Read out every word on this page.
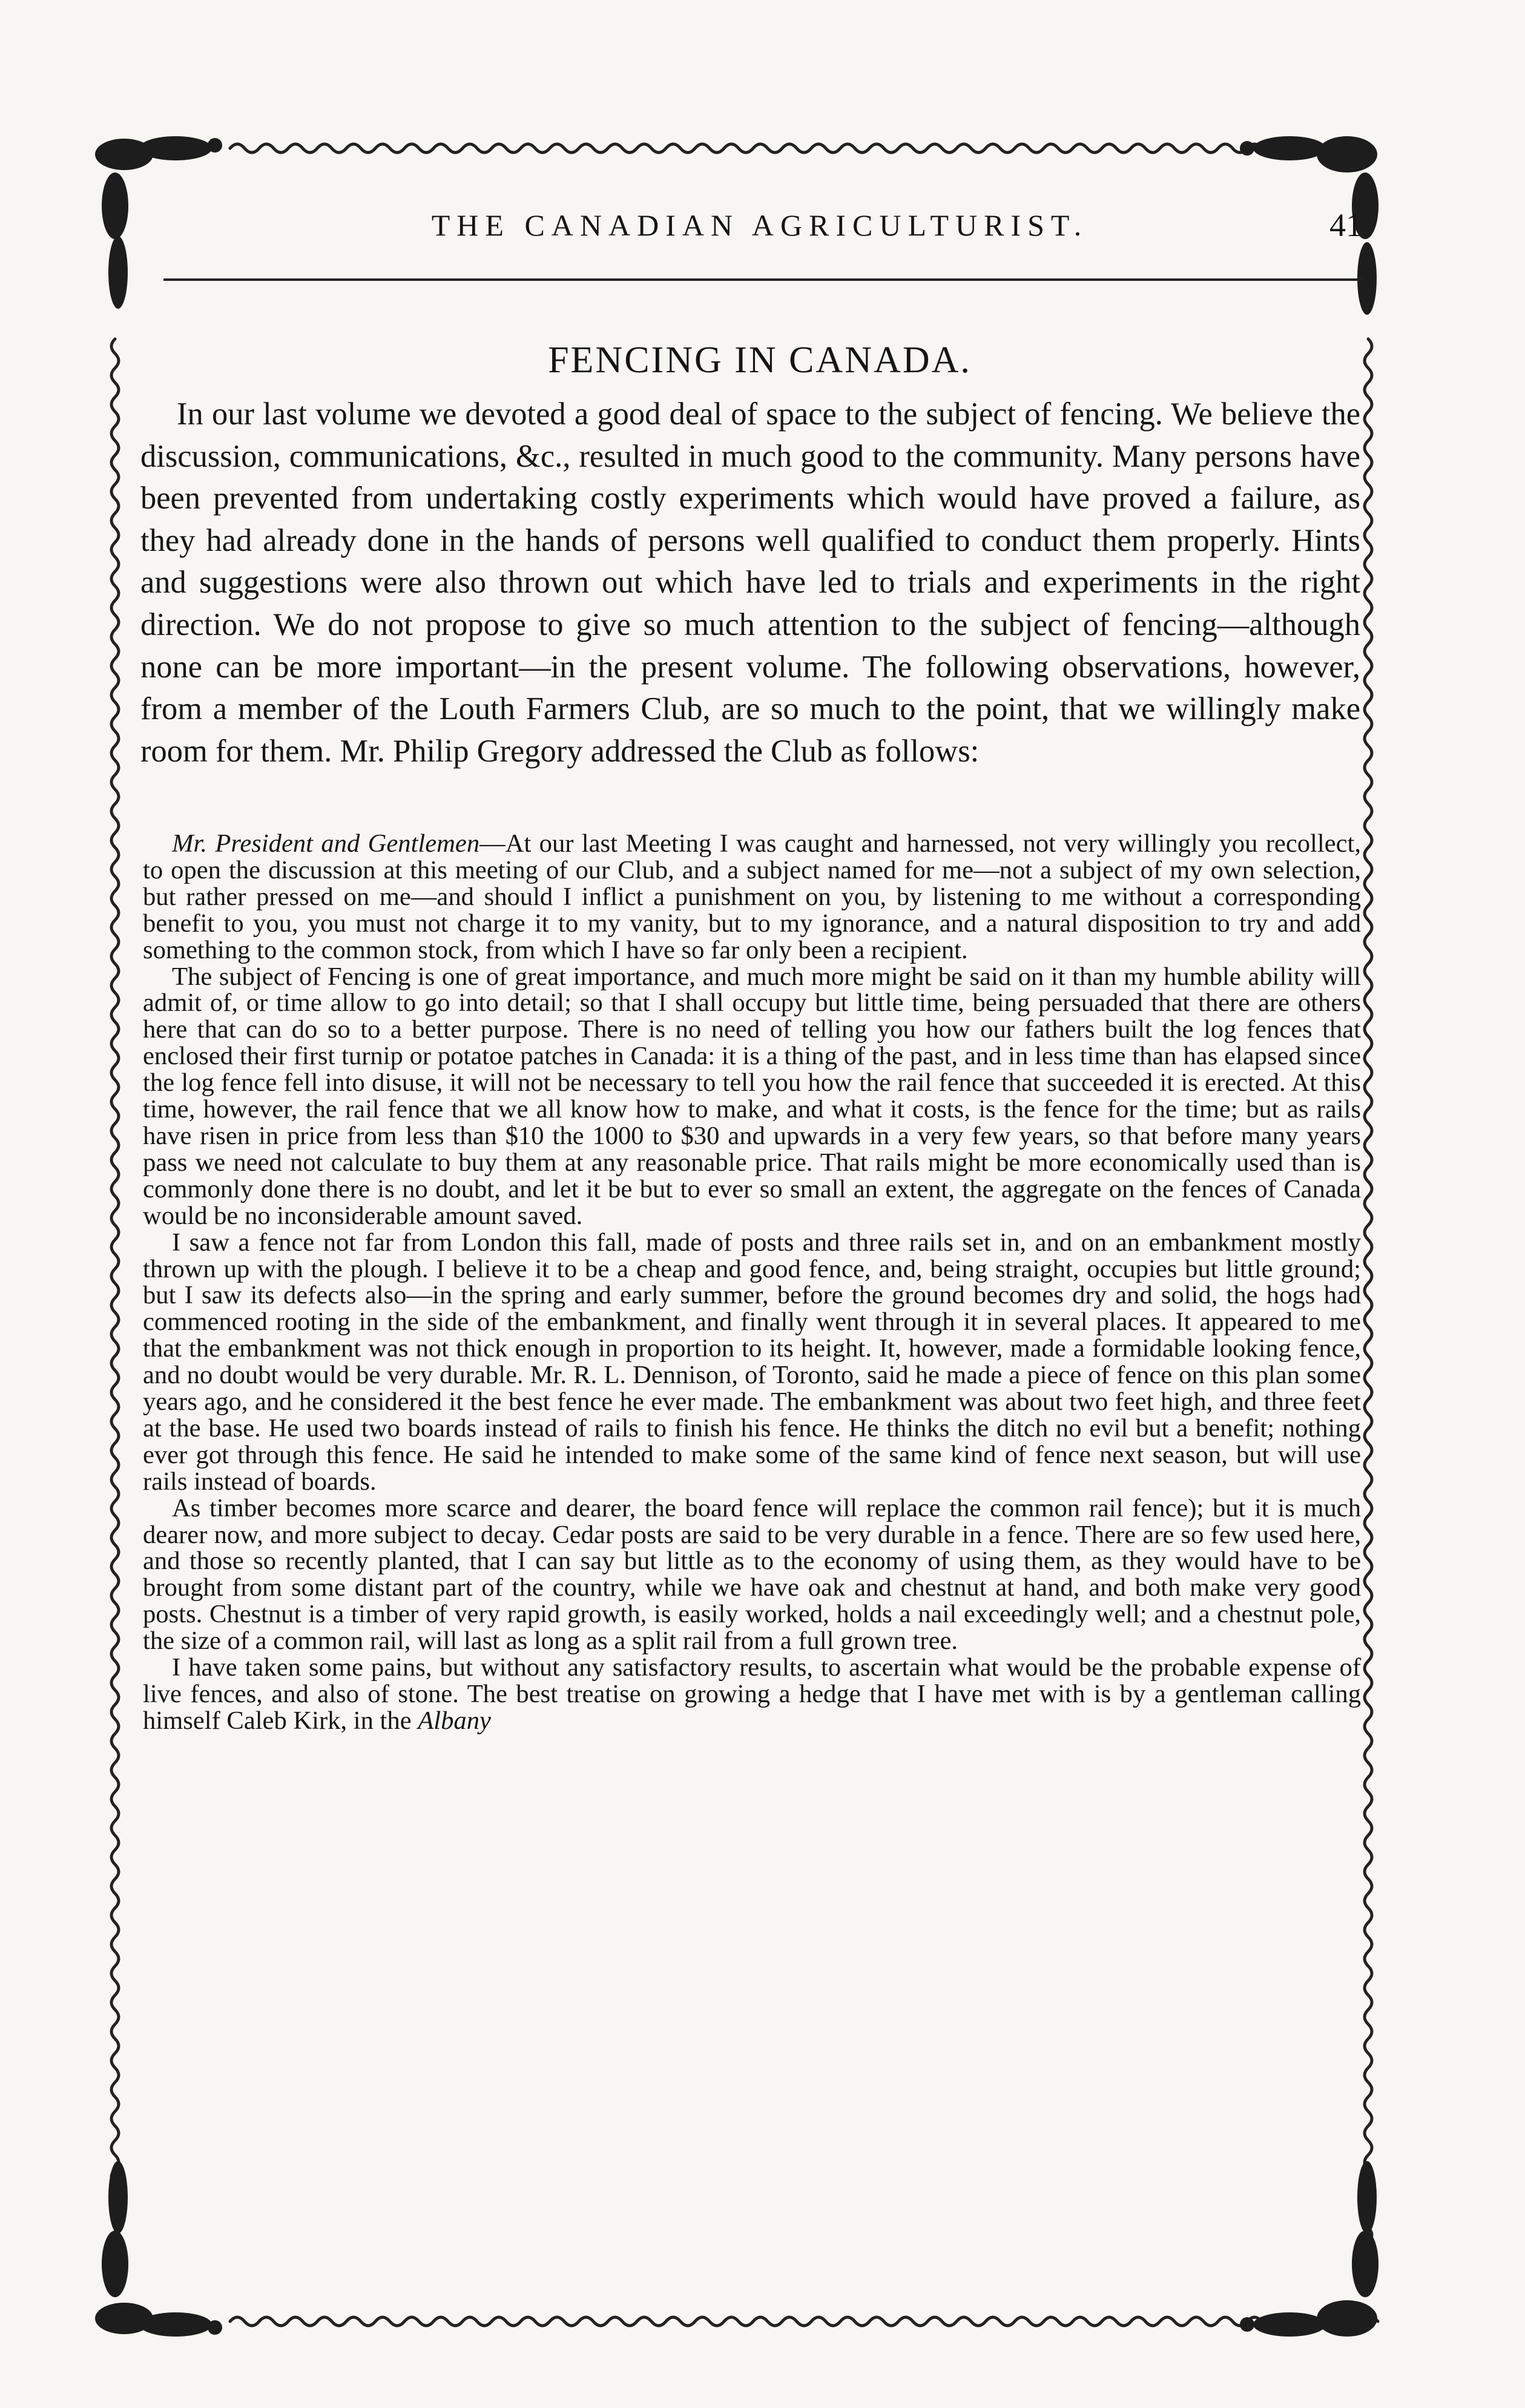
THE CANADIAN AGRICULTURIST.	41
FENCING IN CANADA.
In our last volume we devoted a good deal of space to the subject of fencing. We believe the discussion, communications, &c., resulted in much good to the community. Many persons have been prevented from undertaking costly experiments which would have proved a failure, as they had already done in the hands of persons well qualified to conduct them properly. Hints and suggestions were also thrown out which have led to trials and experiments in the right direction. We do not propose to give so much attention to the subject of fencing—although none can be more important—in the present volume. The following observations, however, from a member of the Louth Farmers Club, are so much to the point, that we willingly make room for them. Mr. Philip Gregory addressed the Club as follows:

Mr. President and Gentlemen—At our last Meeting I was caught and harnessed, not very willingly you recollect, to open the discussion at this meeting of our Club, and a subject named for me—not a subject of my own selection, but rather pressed on me—and should I inflict a punishment on you, by listening to me without a corresponding benefit to you, you must not charge it to my vanity, but to my ignorance, and a natural disposition to try and add something to the common stock, from which I have so far only been a recipient.

The subject of Fencing is one of great importance, and much more might be said on it than my humble ability will admit of, or time allow to go into detail; so that I shall occupy but little time, being persuaded that there are others here that can do so to a better purpose. There is no need of telling you how our fathers built the log fences that enclosed their first turnip or potatoe patches in Canada: it is a thing of the past, and in less time than has elapsed since the log fence fell into disuse, it will not be necessary to tell you how the rail fence that succeeded it is erected. At this time, however, the rail fence that we all know how to make, and what it costs, is the fence for the time; but as rails have risen in price from less than $10 the 1000 to $30 and upwards in a very few years, so that before many years pass we need not calculate to buy them at any reasonable price. That rails might be more economically used than is commonly done there is no doubt, and let it be but to ever so small an extent, the aggregate on the fences of Canada would be no inconsiderable amount saved.

I saw a fence not far from London this fall, made of posts and three rails set in, and on an embankment mostly thrown up with the plough. I believe it to be a cheap and good fence, and, being straight, occupies but little ground; but I saw its defects also—in the spring and early summer, before the ground becomes dry and solid, the hogs had commenced rooting in the side of the embankment, and finally went through it in several places. It appeared to me that the embankment was not thick enough in proportion to its height. It, however, made a formidable looking fence, and no doubt would be very durable. Mr. R. L. Dennison, of Toronto, said he made a piece of fence on this plan some years ago, and he considered it the best fence he ever made. The embankment was about two feet high, and three feet at the base. He used two boards instead of rails to finish his fence. He thinks the ditch no evil but a benefit; nothing ever got through this fence. He said he intended to make some of the same kind of fence next season, but will use rails instead of boards.

As timber becomes more scarce and dearer, the board fence will replace the common rail fence); but it is much dearer now, and more subject to decay. Cedar posts are said to be very durable in a fence. There are so few used here, and those so recently planted, that I can say but little as to the economy of using them, as they would have to be brought from some distant part of the country, while we have oak and chestnut at hand, and both make very good posts. Chestnut is a timber of very rapid growth, is easily worked, holds a nail exceedingly well; and a chestnut pole, the size of a common rail, will last as long as a split rail from a full grown tree.

I have taken some pains, but without any satisfactory results, to ascertain what would be the probable expense of live fences, and also of stone. The best treatise on growing a hedge that I have met with is by a gentleman calling himself Caleb Kirk, in the Albany
